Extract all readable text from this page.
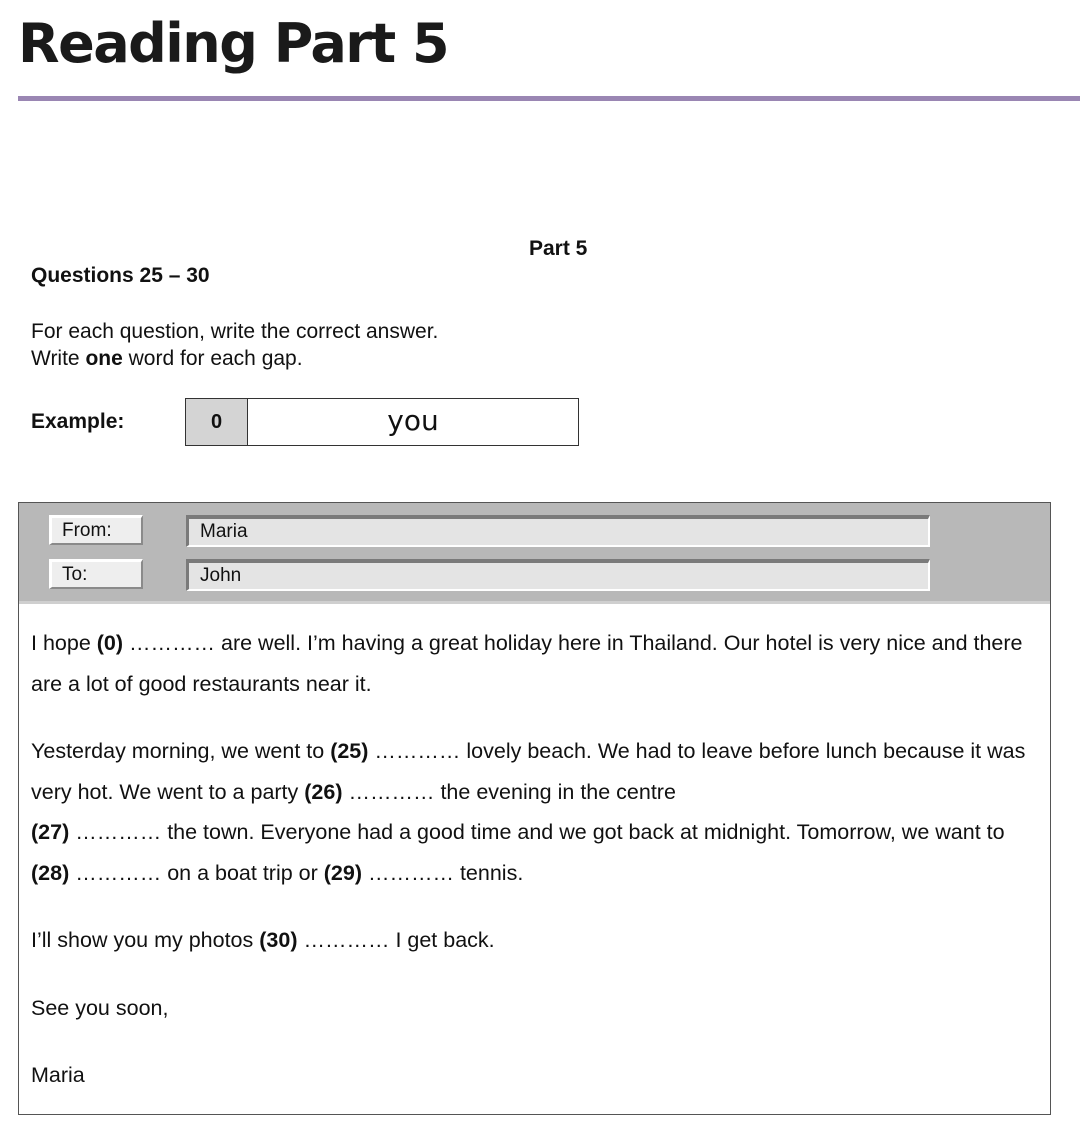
Reading Part 5
Part 5
Questions 25 – 30
For each question, write the correct answer.
Write one word for each gap.
Example:	0	you
From:	Maria
To:	John

I hope (0) ………… are well. I’m having a great holiday here in Thailand. Our hotel is very nice and there are a lot of good restaurants near it.

Yesterday morning, we went to (25) ………… lovely beach. We had to leave before lunch because it was very hot. We went to a party (26) ………… the evening in the centre
(27) ………… the town. Everyone had a good time and we got back at midnight. Tomorrow, we want to (28) ………… on a boat trip or (29) ………… tennis.

I’ll show you my photos (30) ………… I get back.

See you soon,

Maria
